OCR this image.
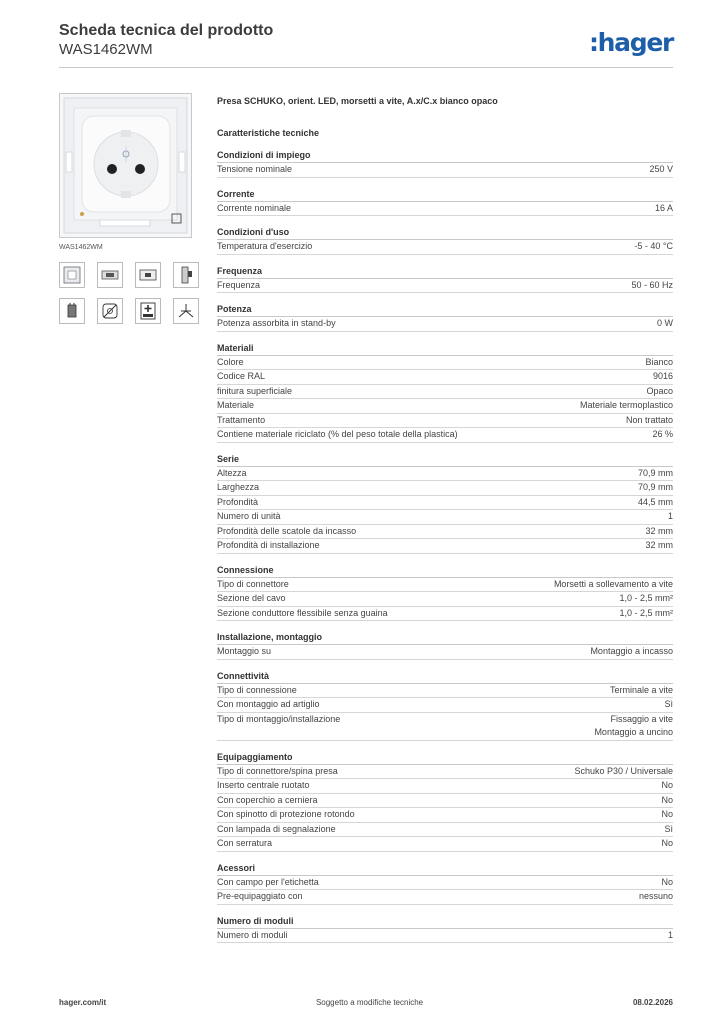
Scheda tecnica del prodotto
WAS1462WM	:hager
WAS1462WM
Presa SCHUKO, orient. LED, morsetti a vite, A.x/C.x bianco opaco
Caratteristiche tecniche
Condizioni di impiego
Tensione nominale	250 V
Corrente
Corrente nominale	16 A
Condizioni d'uso
Temperatura d'esercizio	-5 - 40 °C
Frequenza
Frequenza	50 - 60 Hz
Potenza
Potenza assorbita in stand-by	0 W
Materiali
Colore	Bianco
Codice RAL	9016
finitura superficiale	Opaco
Materiale	Materiale termoplastico
Trattamento	Non trattato
Contiene materiale riciclato (% del peso totale della plastica)	26 %
Serie
Altezza	70,9 mm
Larghezza	70,9 mm
Profondità	44,5 mm
Numero di unità	1
Profondità delle scatole da incasso	32 mm
Profondità di installazione	32 mm
Connessione
Tipo di connettore	Morsetti a sollevamento a vite
Sezione del cavo	1,0 - 2,5 mm²
Sezione conduttore flessibile senza guaina	1,0 - 2,5 mm²
Installazione, montaggio
Montaggio su	Montaggio a incasso
Connettività
Tipo di connessione	Terminale a vite
Con montaggio ad artiglio	Sì
Tipo di montaggio/installazione	Fissaggio a vite
Montaggio a uncino
Equipaggiamento
Tipo di connettore/spina presa	Schuko P30 / Universale
Inserto centrale ruotato	No
Con coperchio a cerniera	No
Con spinotto di protezione rotondo	No
Con lampada di segnalazione	Sì
Con serratura	No
Acessori
Con campo per l'etichetta	No
Pre-equipaggiato con	nessuno
Numero di moduli
Numero di moduli	1
hager.com/it	Soggetto a modifiche tecniche	08.02.2026
